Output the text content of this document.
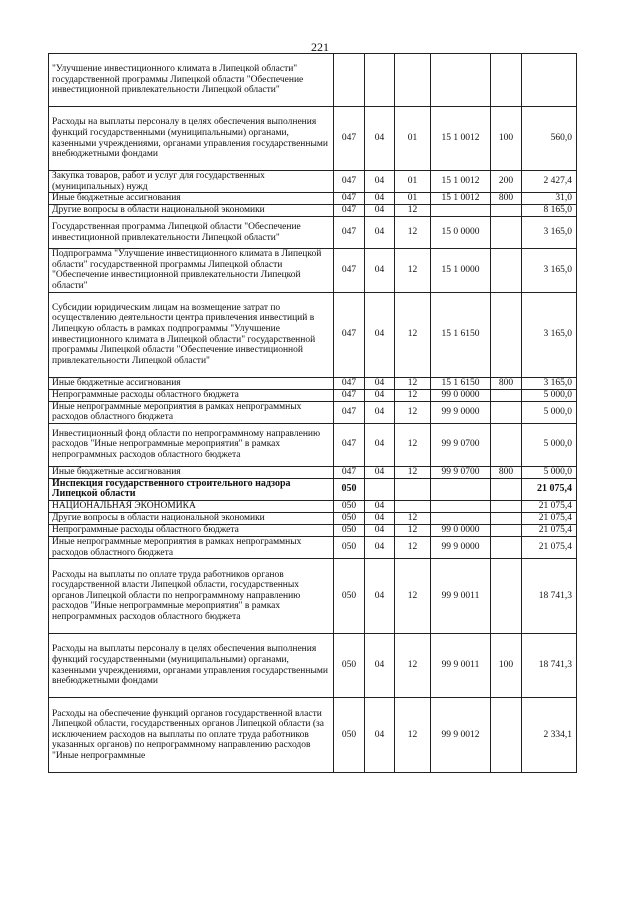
221
"Улучшение инвестиционного климата в Липецкой области" государственной программы Липецкой области "Обеспечение инвестиционной привлекательности Липецкой области"						
Расходы на выплаты персоналу в целях обеспечения выполнения функций государственными (муниципальными) органами, казенными учреждениями, органами управления государственными внебюджетными фондами	047	04	01	15 1 0012	100	560,0
Закупка товаров, работ и услуг для государственных (муниципальных) нужд	047	04	01	15 1 0012	200	2 427,4
Иные бюджетные ассигнования	047	04	01	15 1 0012	800	31,0
Другие вопросы в области национальной экономики	047	04	12			8 165,0
Государственная программа Липецкой области "Обеспечение инвестиционной привлекательности Липецкой области"	047	04	12	15 0 0000		3 165,0
Подпрограмма "Улучшение инвестиционного климата в Липецкой области" государственной программы Липецкой области "Обеспечение инвестиционной привлекательности Липецкой области"	047	04	12	15 1 0000		3 165,0
Субсидии юридическим лицам на возмещение затрат по осуществлению деятельности центра привлечения инвестиций в Липецкую область в рамках подпрограммы "Улучшение инвестиционного климата в Липецкой области" государственной программы Липецкой области "Обеспечение инвестиционной привлекательности Липецкой области"	047	04	12	15 1 6150		3 165,0
Иные бюджетные ассигнования	047	04	12	15 1 6150	800	3 165,0
Непрограммные расходы областного бюджета	047	04	12	99 0 0000		5 000,0
Иные непрограммные мероприятия в рамках непрограммных расходов областного бюджета	047	04	12	99 9 0000		5 000,0
Инвестиционный фонд области по непрограммному направлению расходов "Иные непрограммные мероприятия" в рамках непрограммных расходов областного бюджета	047	04	12	99 9 0700		5 000,0
Иные бюджетные ассигнования	047	04	12	99 9 0700	800	5 000,0
Инспекция государственного строительного надзора Липецкой области	050					21 075,4
НАЦИОНАЛЬНАЯ ЭКОНОМИКА	050	04				21 075,4
Другие вопросы в области национальной экономики	050	04	12			21 075,4
Непрограммные расходы областного бюджета	050	04	12	99 0 0000		21 075,4
Иные непрограммные мероприятия в рамках непрограммных расходов областного бюджета	050	04	12	99 9 0000		21 075,4
Расходы на выплаты по оплате труда работников органов государственной власти Липецкой области, государственных органов Липецкой области по непрограммному направлению расходов "Иные непрограммные мероприятия" в рамках непрограммных расходов областного бюджета	050	04	12	99 9 0011		18 741,3
Расходы на выплаты персоналу в целях обеспечения выполнения функций государственными (муниципальными) органами, казенными учреждениями, органами управления государственными внебюджетными фондами	050	04	12	99 9 0011	100	18 741,3
Расходы на обеспечение функций органов государственной власти Липецкой области, государственных органов Липецкой области (за исключением расходов на выплаты по оплате труда работников указанных органов) по непрограммному направлению расходов "Иные непрограммные	050	04	12	99 9 0012		2 334,1
